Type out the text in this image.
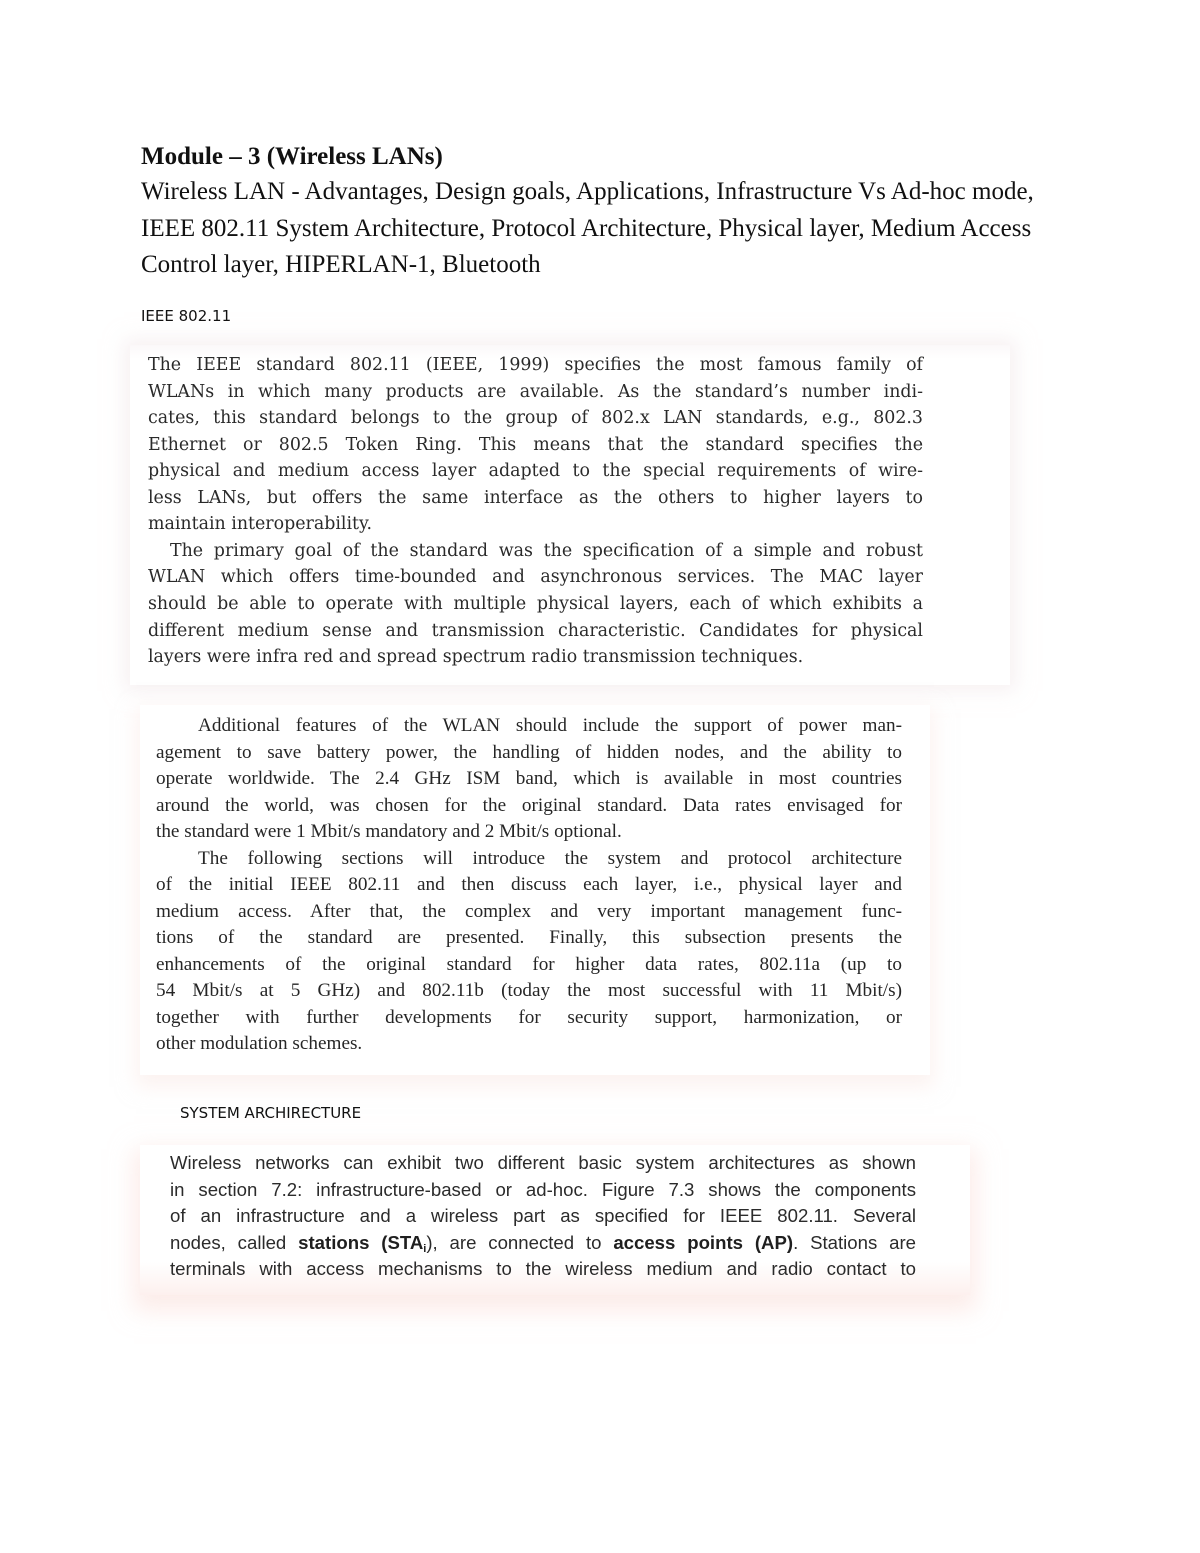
Module – 3 (Wireless LANs)
Wireless LAN - Advantages, Design goals, Applications, Infrastructure Vs Ad-hoc mode, IEEE 802.11 System Architecture, Protocol Architecture, Physical layer, Medium Access Control layer, HIPERLAN-1, Bluetooth
IEEE 802.11
The IEEE standard 802.11 (IEEE, 1999) specifies the most famous family of
WLANs in which many products are available. As the standard’s number indi-
cates, this standard belongs to the group of 802.x LAN standards, e.g., 802.3
Ethernet or 802.5 Token Ring. This means that the standard specifies the
physical and medium access layer adapted to the special requirements of wire-
less LANs, but offers the same interface as the others to higher layers to
maintain interoperability.
The primary goal of the standard was the specification of a simple and robust
WLAN which offers time-bounded and asynchronous services. The MAC layer
should be able to operate with multiple physical layers, each of which exhibits a
different medium sense and transmission characteristic. Candidates for physical
layers were infra red and spread spectrum radio transmission techniques.
Additional features of the WLAN should include the support of power man-
agement to save battery power, the handling of hidden nodes, and the ability to
operate worldwide. The 2.4 GHz ISM band, which is available in most countries
around the world, was chosen for the original standard. Data rates envisaged for
the standard were 1 Mbit/s mandatory and 2 Mbit/s optional.
The following sections will introduce the system and protocol architecture
of the initial IEEE 802.11 and then discuss each layer, i.e., physical layer and
medium access. After that, the complex and very important management func-
tions of the standard are presented. Finally, this subsection presents the
enhancements of the original standard for higher data rates, 802.11a (up to
54 Mbit/s at 5 GHz) and 802.11b (today the most successful with 11 Mbit/s)
together with further developments for security support, harmonization, or
other modulation schemes.
SYSTEM ARCHIRECTURE
Wireless networks can exhibit two different basic system architectures as shown
in section 7.2: infrastructure-based or ad-hoc. Figure 7.3 shows the components
of an infrastructure and a wireless part as specified for IEEE 802.11. Several
nodes, called stations $(STA_i)$, are connected to access points (AP). Stations are
terminals with access mechanisms to the wireless medium and radio contact to
